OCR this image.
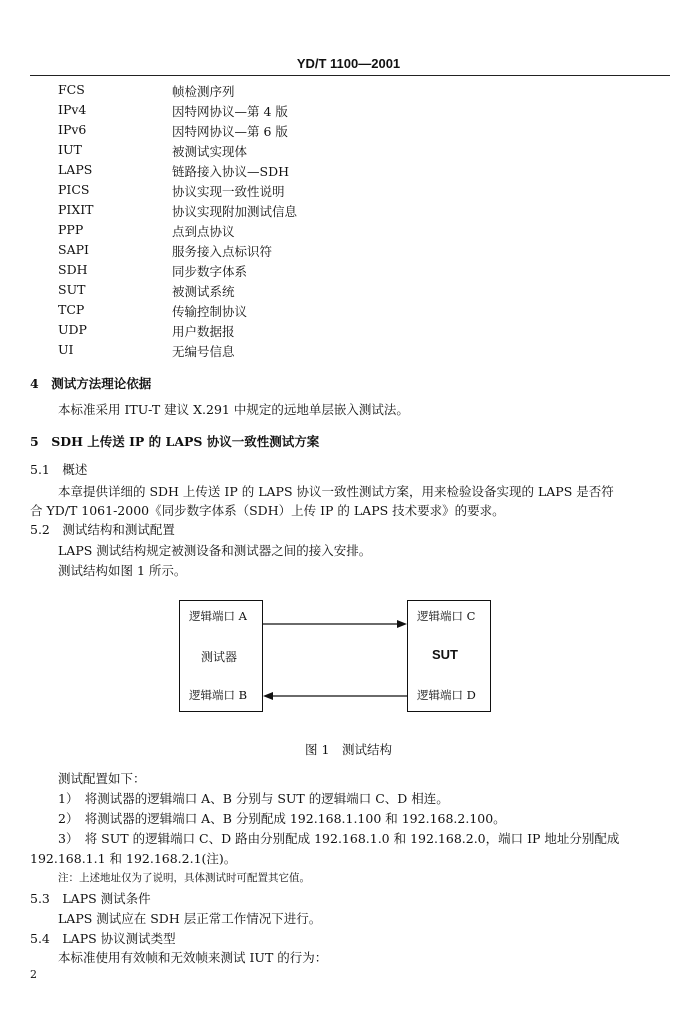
YD/T 1100—2001
FCS	帧检测序列
IPv4	因特网协议—第 4 版
IPv6	因特网协议—第 6 版
IUT	被测试实现体
LAPS	链路接入协议—SDH
PICS	协议实现一致性说明
PIXIT	协议实现附加测试信息
PPP	点到点协议
SAPI	服务接入点标识符
SDH	同步数字体系
SUT	被测试系统
TCP	传输控制协议
UDP	用户数据报
UI	无编号信息
4　测试方法理论依据
本标准采用 ITU-T 建议 X.291 中规定的远地单层嵌入测试法。
5　SDH 上传送 IP 的 LAPS 协议一致性测试方案
5.1　概述
本章提供详细的 SDH 上传送 IP 的 LAPS 协议一致性测试方案，用来检验设备实现的 LAPS 是否符
合 YD/T 1061-2000《同步数字体系（SDH）上传 IP 的 LAPS 技术要求》的要求。
5.2　测试结构和测试配置
LAPS 测试结构规定被测设备和测试器之间的接入安排。
测试结构如图 1 所示。
逻辑端口 A
测试器
逻辑端口 B
逻辑端口 C
SUT
逻辑端口 D
图 1　测试结构
测试配置如下：
1）　将测试器的逻辑端口 A、B 分别与 SUT 的逻辑端口 C、D 相连。
2）　将测试器的逻辑端口 A、B 分别配成 192.168.1.100 和 192.168.2.100。
3）　将 SUT 的逻辑端口 C、D 路由分别配成 192.168.1.0 和 192.168.2.0，端口 IP 地址分别配成
192.168.1.1 和 192.168.2.1(注)。
注：上述地址仅为了说明，具体测试时可配置其它值。
5.3　LAPS 测试条件
LAPS 测试应在 SDH 层正常工作情况下进行。
5.4　LAPS 协议测试类型
本标准使用有效帧和无效帧来测试 IUT 的行为：
2
